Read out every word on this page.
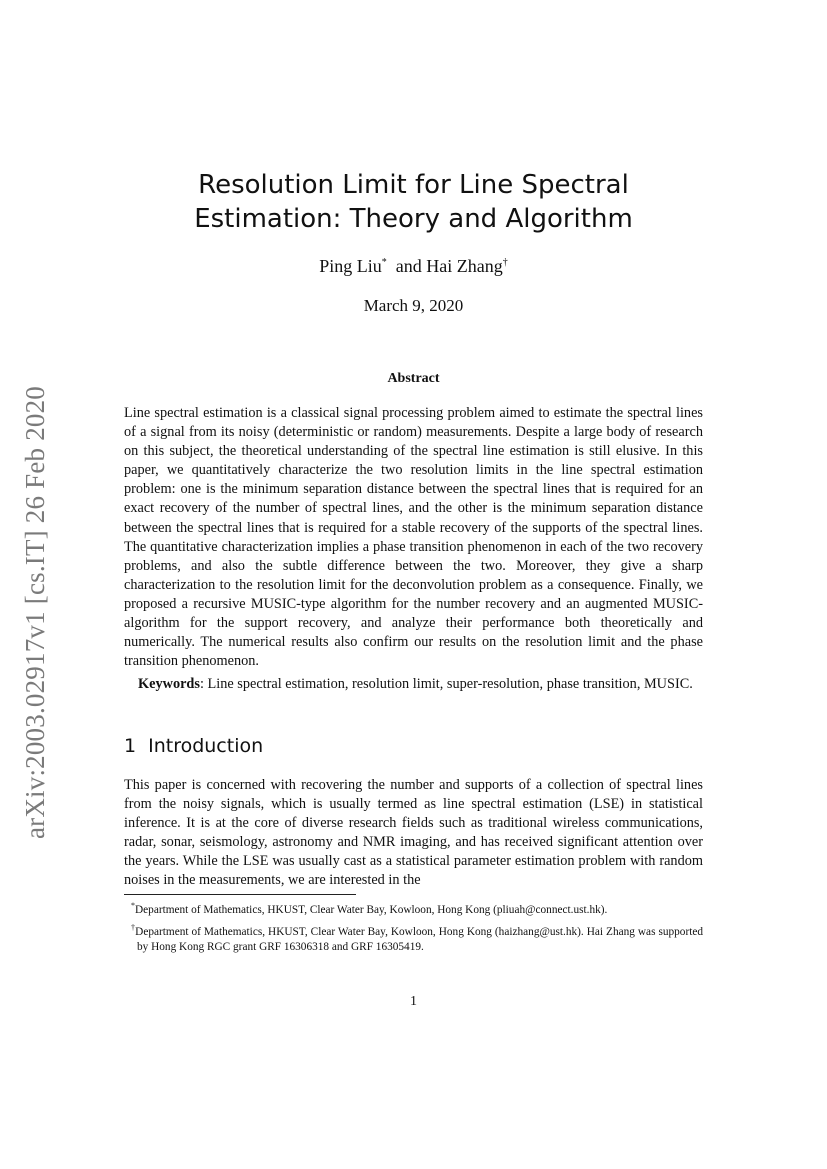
arXiv:2003.02917v1 [cs.IT] 26 Feb 2020
Resolution Limit for Line Spectral
Estimation: Theory and Algorithm
Ping Liu* and Hai Zhang†
March 9, 2020
Abstract

Line spectral estimation is a classical signal processing problem aimed to estimate the spectral lines of a signal from its noisy (deterministic or random) measurements. Despite a large body of research on this subject, the theoretical understanding of the spectral line estimation is still elusive. In this paper, we quantitatively characterize the two resolution limits in the line spectral estimation problem: one is the minimum separation distance between the spectral lines that is required for an exact recovery of the number of spectral lines, and the other is the minimum separation distance between the spectral lines that is required for a stable recovery of the supports of the spectral lines. The quantitative characterization implies a phase transition phenomenon in each of the two recovery problems, and also the subtle difference between the two. Moreover, they give a sharp characterization to the resolution limit for the deconvolution problem as a consequence. Finally, we proposed a recursive MUSIC-type algorithm for the number recovery and an augmented MUSIC-algorithm for the support recovery, and analyze their performance both theoretically and numerically. The numerical results also confirm our results on the resolution limit and the phase transition phenomenon.

Keywords: Line spectral estimation, resolution limit, super-resolution, phase transition, MUSIC.

1 Introduction

This paper is concerned with recovering the number and supports of a collection of spectral lines from the noisy signals, which is usually termed as line spectral estimation (LSE) in statistical inference. It is at the core of diverse research fields such as traditional wireless communications, radar, sonar, seismology, astronomy and NMR imaging, and has received significant attention over the years. While the LSE was usually cast as a statistical parameter estimation problem with random noises in the measurements, we are interested in the

*Department of Mathematics, HKUST, Clear Water Bay, Kowloon, Hong Kong (pliuah@connect.ust.hk).

†Department of Mathematics, HKUST, Clear Water Bay, Kowloon, Hong Kong (haizhang@ust.hk). Hai Zhang was supported by Hong Kong RGC grant GRF 16306318 and GRF 16305419.

1
